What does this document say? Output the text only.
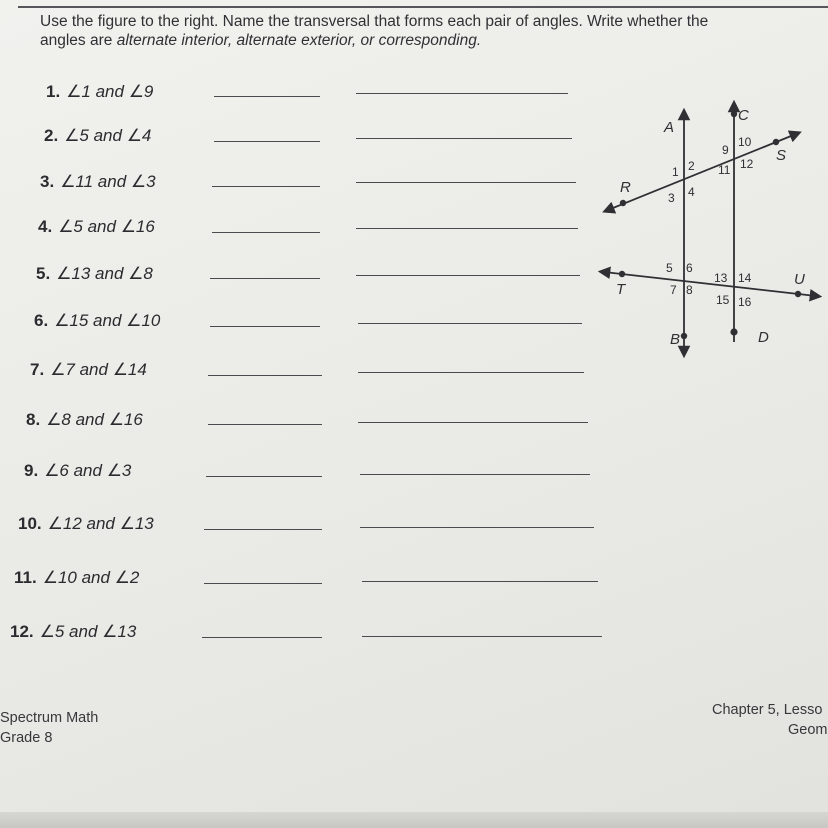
Use the figure to the right. Name the transversal that forms each pair of angles. Write whether the
angles are alternate interior, alternate exterior, or corresponding.
1. ∠1 and ∠9
2. ∠5 and ∠4
3. ∠11 and ∠3
4. ∠5 and ∠16
5. ∠13 and ∠8
6. ∠15 and ∠10
7. ∠7 and ∠14
8. ∠8 and ∠16
9. ∠6 and ∠3
10. ∠12 and ∠13
11. ∠10 and ∠2
12. ∠5 and ∠13
A
B
C
D
R
S
T
U
1 2
3 4
9
10
11 12
5 6
7 8
13 14
15 16
Spectrum Math
Grade 8
Chapter 5, Lesso
Geom
